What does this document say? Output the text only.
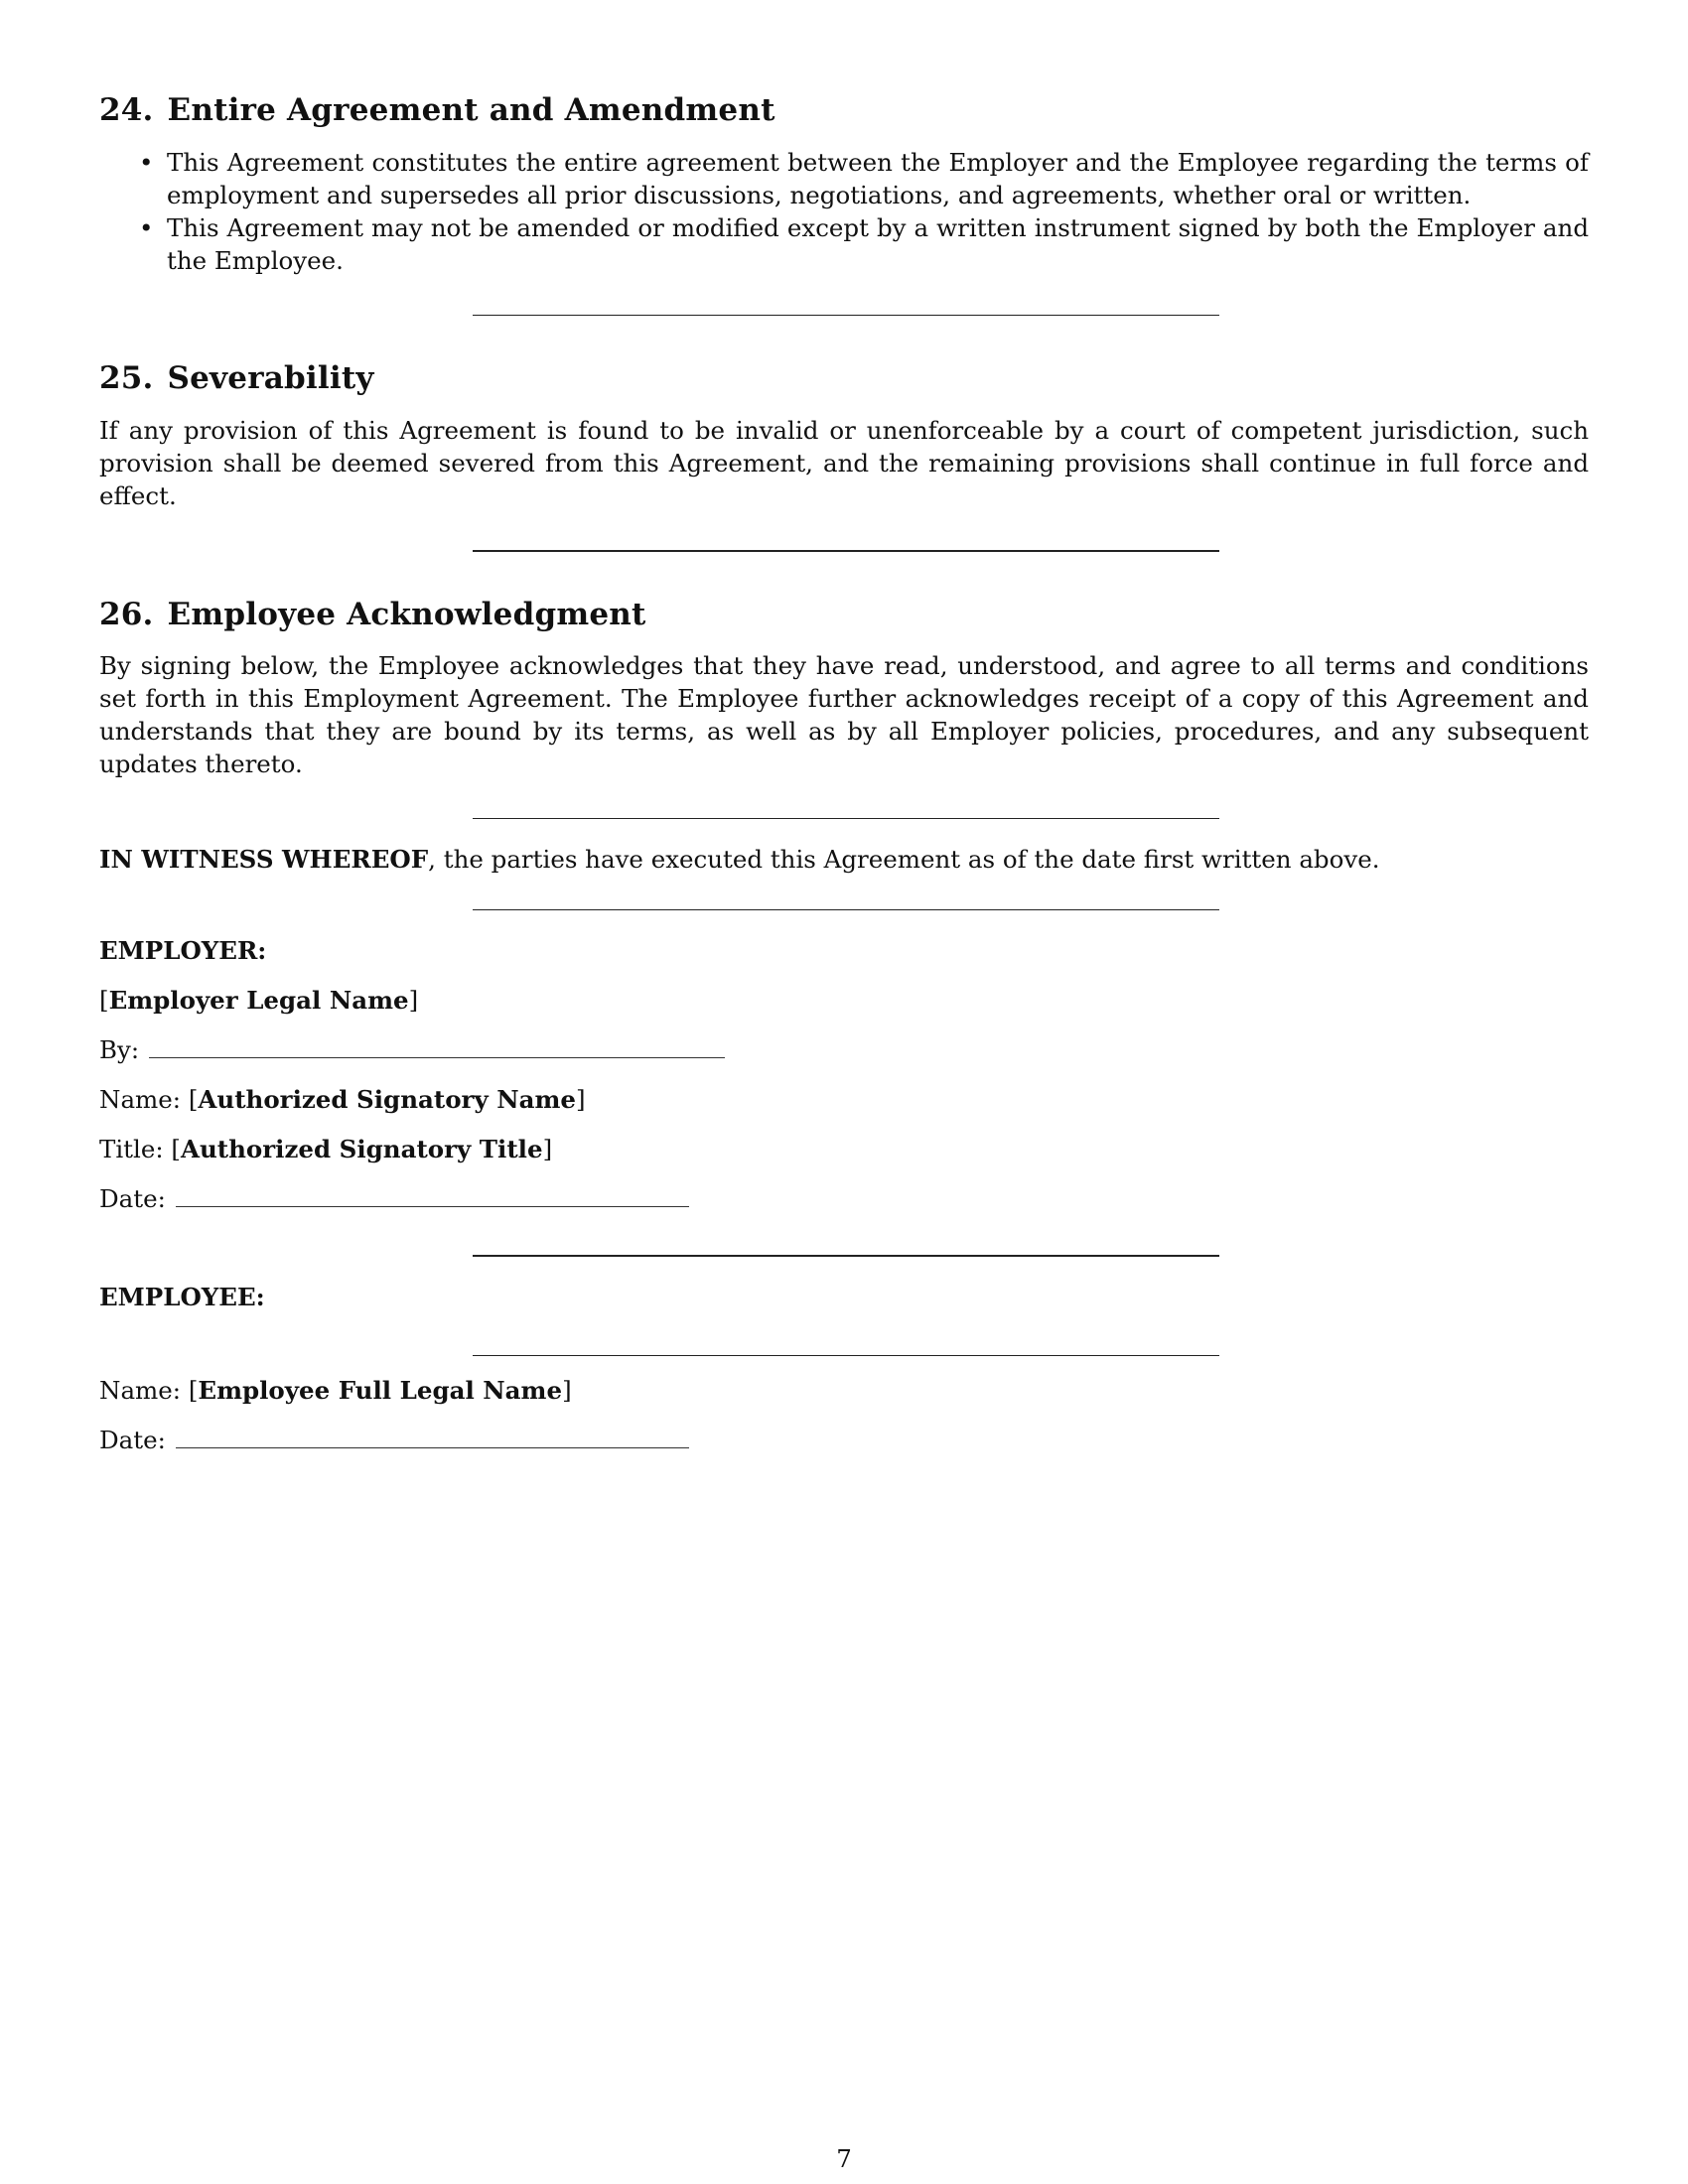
24. Entire Agreement and Amendment
• This Agreement constitutes the entire agreement between the Employer and the Employee regarding the terms of employment and supersedes all prior discussions, negotiations, and agreements, whether oral or written.
• This Agreement may not be amended or modified except by a written instrument signed by both the Employer and the Employee.
25. Severability

If any provision of this Agreement is found to be invalid or unenforceable by a court of competent jurisdiction, such provision shall be deemed severed from this Agreement, and the remaining provisions shall continue in full force and effect.

26. Employee Acknowledgment

By signing below, the Employee acknowledges that they have read, understood, and agree to all terms and conditions set forth in this Employment Agreement. The Employee further acknowledges receipt of a copy of this Agreement and understands that they are bound by its terms, as well as by all Employer policies, procedures, and any subsequent updates thereto.

IN WITNESS WHEREOF, the parties have executed this Agreement as of the date first written above.

EMPLOYER:
[ Employer Legal Name ]
By:
Name:
[ Authorized Signatory Name ]
Title:
[ Authorized Signatory Title ]
Date:
EMPLOYEE:
Name:
[ Employee Full Legal Name ]
Date:
7
